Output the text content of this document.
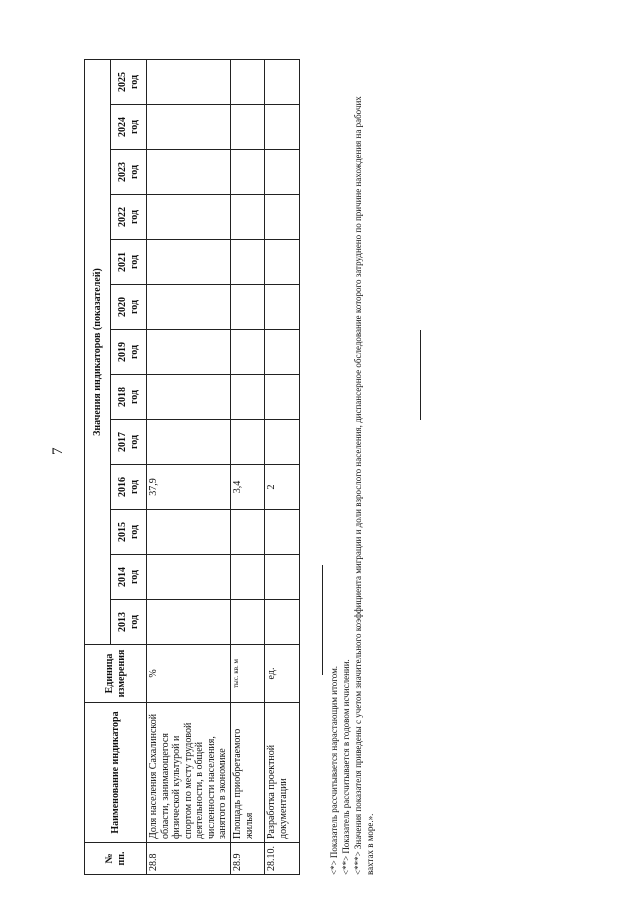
7
№ пп.	Наименование индикатора	Единица измерения	Значения индикаторов (показателей)												

			2013 год	2014 год	2015 год	2016 год	2017 год	2018 год	2019 год	2020 год	2021 год	2022 год	2023 год	2024 год	2025 год

28.8	Доля населения Сахалинской области, занимающегося физической культурой и спортом по месту трудовой деятельности, в общей численности населения, занятого в экономике	%				37,9									
28.9	Площадь приобретаемого жилья	тыс. кв. м				3,4									
28.10.	Разработка проектной документации	ед.				2									
<*> Показатель рассчитывается нарастающим итогом. <**> Показатель рассчитывается в годовом исчислении. <***> Значения показателя приведены с учетом значительного коэффициента миграции и доли взрослого населения, диспансерное обследование которого затруднено по причине нахождения на рабочих вахтах в море.».
